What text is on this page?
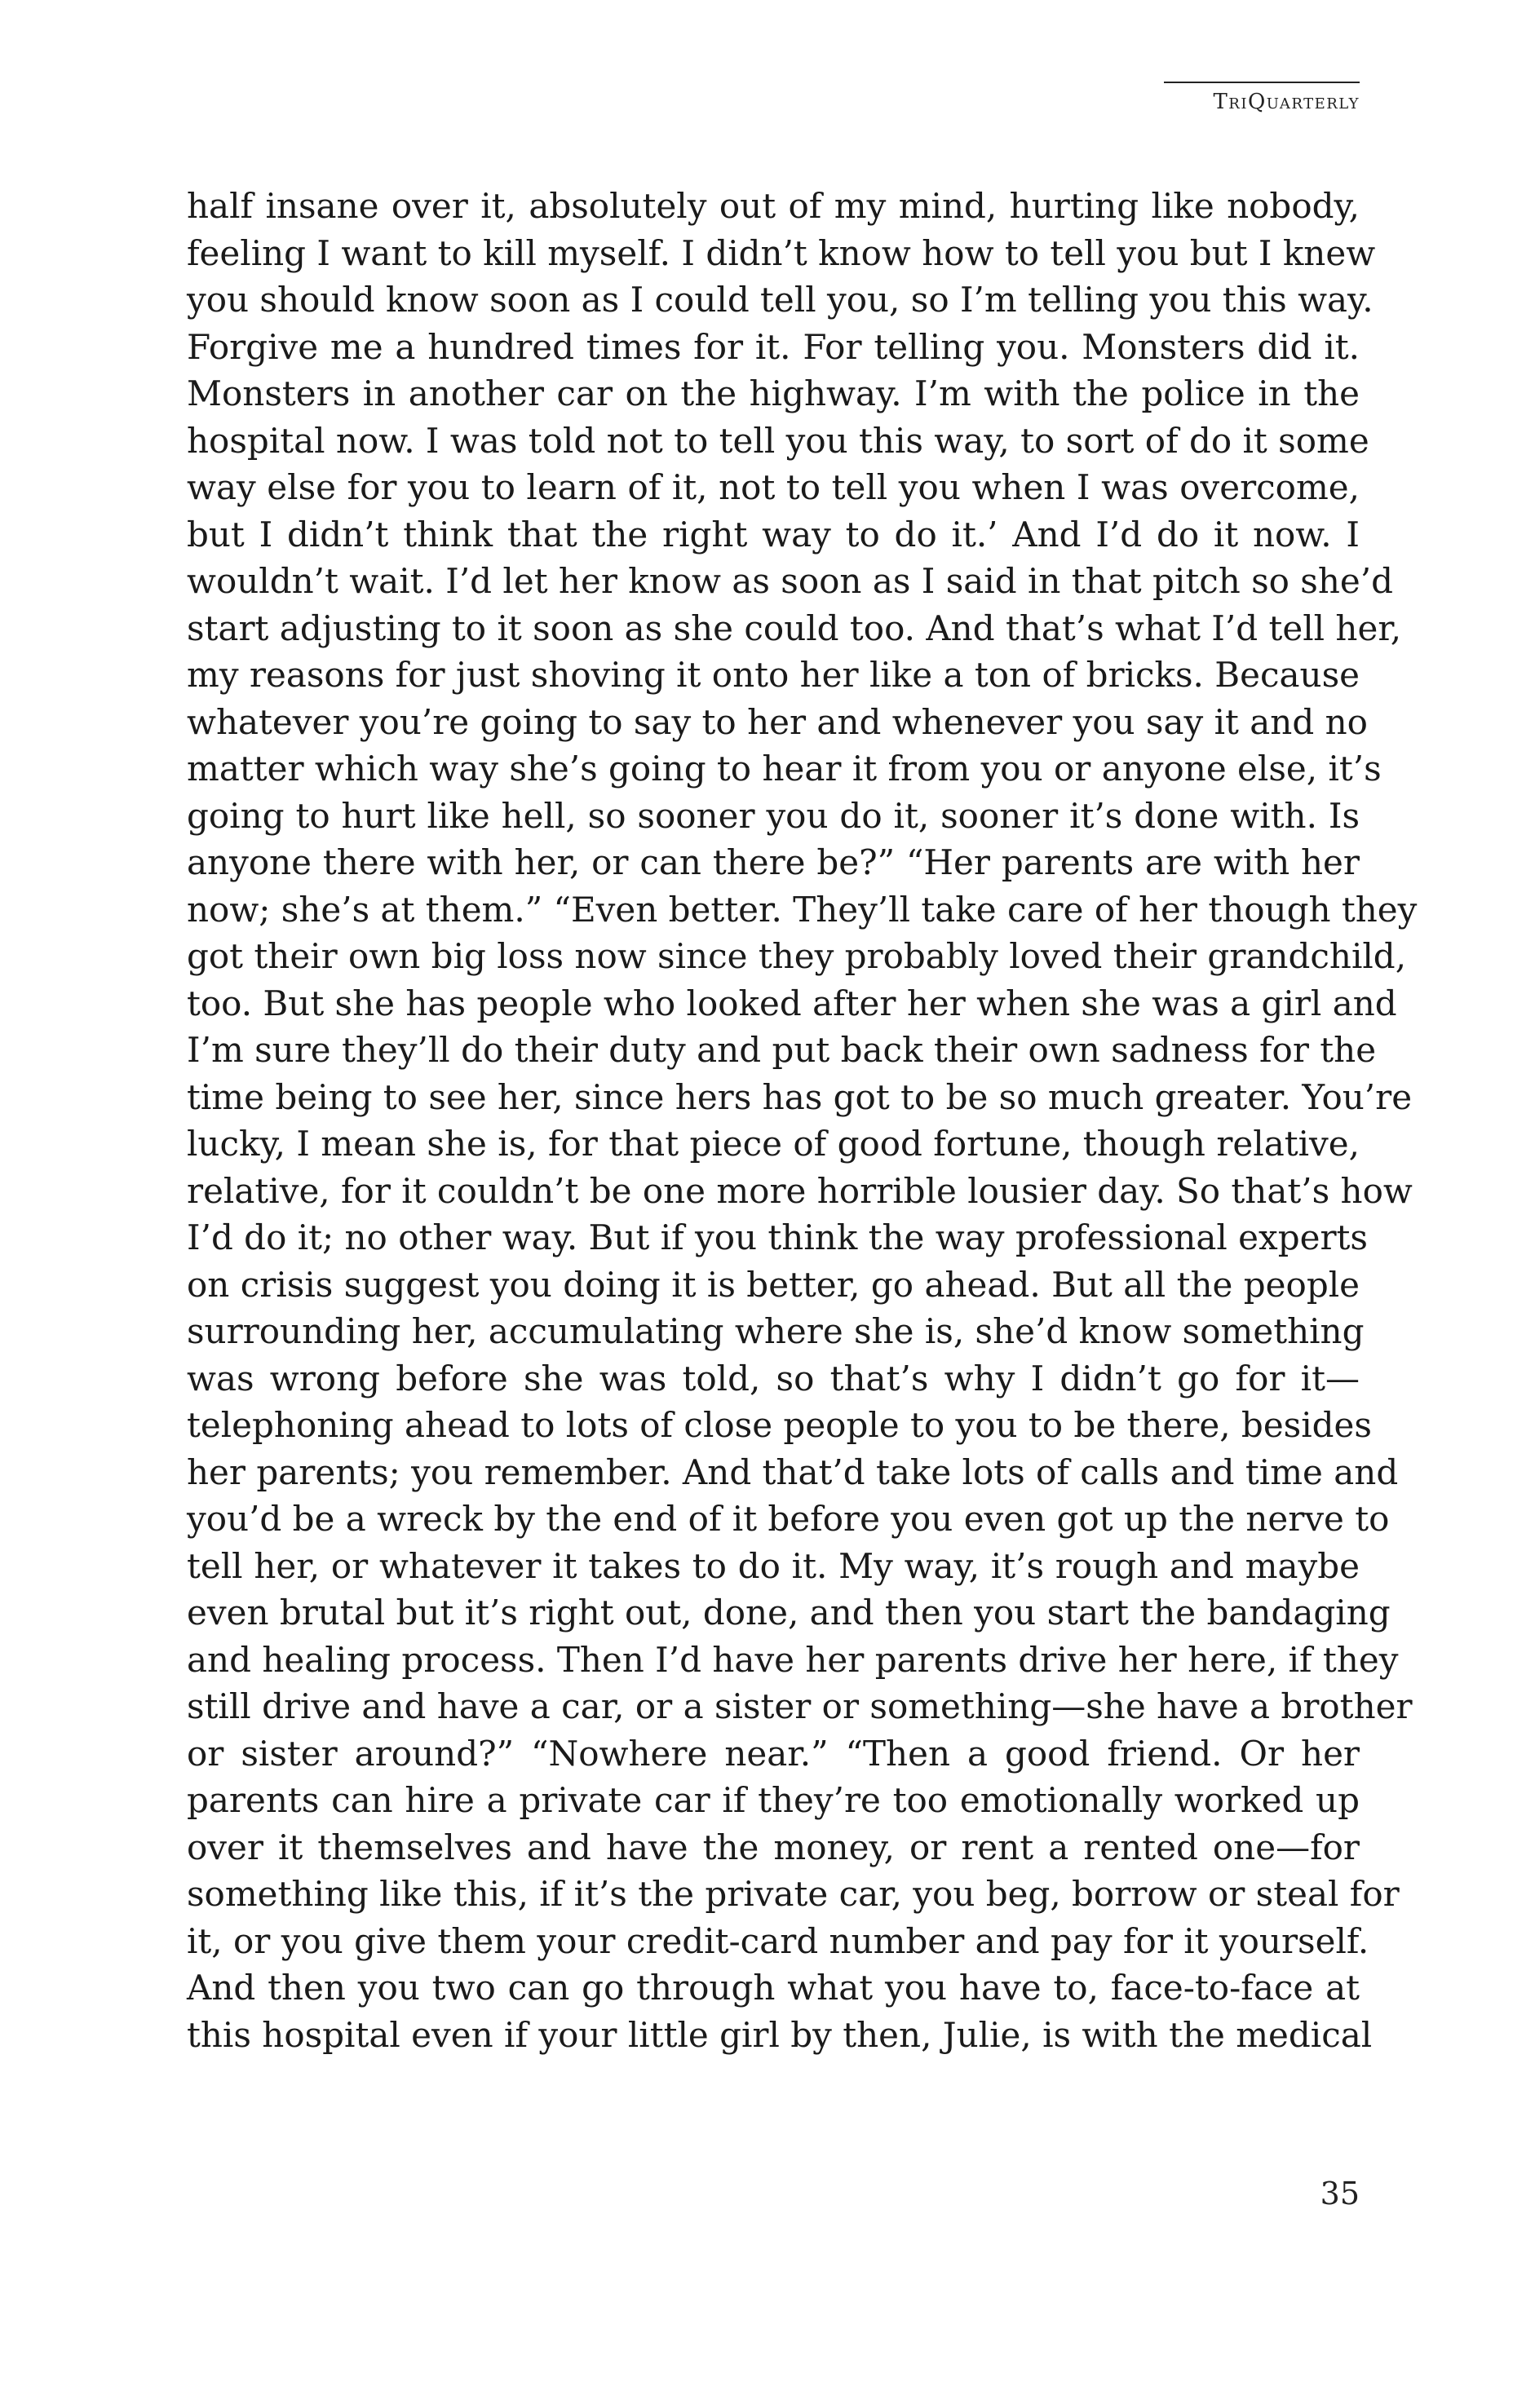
TriQuarterly
half insane over it, absolutely out of my mind, hurting like nobody,
feeling I want to kill myself. I didn’t know how to tell you but I knew
you should know soon as I could tell you, so I’m telling you this way.
Forgive me a hundred times for it. For telling you. Monsters did it.
Monsters in another car on the highway. I’m with the police in the
hospital now. I was told not to tell you this way, to sort of do it some
way else for you to learn of it, not to tell you when I was overcome,
but I didn’t think that the right way to do it.’ And I’d do it now. I
wouldn’t wait. I’d let her know as soon as I said in that pitch so she’d
start adjusting to it soon as she could too. And that’s what I’d tell her,
my reasons for just shoving it onto her like a ton of bricks. Because
whatever you’re going to say to her and whenever you say it and no
matter which way she’s going to hear it from you or anyone else, it’s
going to hurt like hell, so sooner you do it, sooner it’s done with. Is
anyone there with her, or can there be?” “Her parents are with her
now; she’s at them.” “Even better. They’ll take care of her though they
got their own big loss now since they probably loved their grandchild,
too. But she has people who looked after her when she was a girl and
I’m sure they’ll do their duty and put back their own sadness for the
time being to see her, since hers has got to be so much greater. You’re
lucky, I mean she is, for that piece of good fortune, though relative,
relative, for it couldn’t be one more horrible lousier day. So that’s how
I’d do it; no other way. But if you think the way professional experts
on crisis suggest you doing it is better, go ahead. But all the people
surrounding her, accumulating where she is, she’d know something
was wrong before she was told, so that’s why I didn’t go for it—
telephoning ahead to lots of close people to you to be there, besides
her parents; you remember. And that’d take lots of calls and time and
you’d be a wreck by the end of it before you even got up the nerve to
tell her, or whatever it takes to do it. My way, it’s rough and maybe
even brutal but it’s right out, done, and then you start the bandaging
and healing process. Then I’d have her parents drive her here, if they
still drive and have a car, or a sister or something—she have a brother
or sister around?” “Nowhere near.” “Then a good friend. Or her
parents can hire a private car if they’re too emotionally worked up
over it themselves and have the money, or rent a rented one—for
something like this, if it’s the private car, you beg, borrow or steal for
it, or you give them your credit-card number and pay for it yourself.
And then you two can go through what you have to, face-to-face at
this hospital even if your little girl by then, Julie, is with the medical
35
